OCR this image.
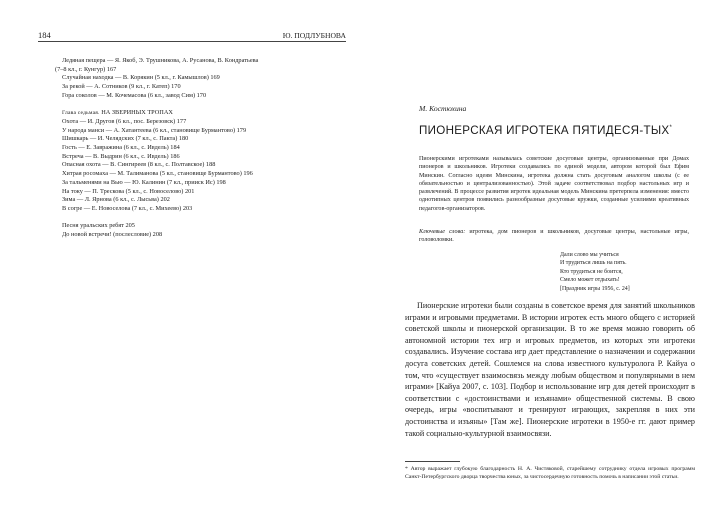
184	Ю. ПОДЛУБНОВА
Ледяная пещера — Я. Якоб, Э. Трушникова, А. Русанова, В. Кондратьева
(7–8 кл., г. Кунгур) 167
Случайная находка — В. Корякин (5 кл., г. Камышлов) 169
За рекой — А. Сотников (9 кл., г. Катеп) 170
Гора соколов — М. Кочемасова (6 кл., завод Сим) 170
Глава седьмая. НА ЗВЕРИНЫХ ТРОПАХ
Охота — И. Другов (6 кл., пос. Березовск) 177
У народа манси — А. Хатантеева (6 кл., становище Бурмантово) 179
Шишкарь — И. Челядских (7 кл., с. Пакта) 180
Гость — Е. Завражина (6 кл., с. Ивдель) 184
Встреча — В. Выдрин (6 кл., с. Ивдель) 186
Опасная охота — В. Сингиреев (8 кл., с. Полтавское) 188
Хитрая росомаха — М. Талиманова (5 кл., становище Бурмантово) 196
За тальменями на Вью — Ю. Калинин (7 кл., прииск Ис) 198
На току — П. Трескова (5 кл., с. Новоселово) 201
Зима — Л. Ярнова (6 кл., с. Лысьва) 202
В согре — Е. Новоселова (7 кл., с. Михеево) 203
Песня уральских ребят 205
До новой встречи! (послесловие) 208
М. Костюхина
ПИОНЕРСКАЯ ИГРОТЕКА ПЯТИДЕСЯ-ТЫХ*
Пионерскими игротеками называлась советские досуговые центры, организованные при Домах пионеров и школьников. Игротеки создавались по единой модели, автором которой был Ефим Минскин. Согласно идеям Минскина, игротека должна стать досуговым аналогом школы (с ее обязательностью и централизованностью). Этой задаче соответствовал подбор настольных игр и развлечений. В процессе развития игротек идеальная модель Минскина претерпела изменения: вместо однотипных центров появились разнообразные досуговые кружки, созданные усилиями креативных педагогов-организаторов.
Ключевые слова: игротека, дом пионеров и школьников, досуговые центры, настольные игры, головоломки.
Дали слово мы учиться
И трудиться лишь на пять.
Кто трудиться не боится,
Смело может отдыхать!
[Праздник игры 1956, с. 24]
Пионерские игротеки были созданы в советское время для занятий школьников играми и игровыми предметами. В истории игротек есть много общего с историей советской школы и пионерской организации. В то же время можно говорить об автономной истории тех игр и игровых предметов, из которых эти игротеки создавались. Изучение состава игр дает представление о назначении и содержании досуга советских детей. Сошлемся на слова известного культуролога Р. Кайуа о том, что «существует взаимосвязь между любым обществом и популярными в нем играми» [Кайуа 2007, с. 103]. Подбор и использование игр для детей происходит в соответствии с «достоинствами и изъянами» общественной системы. В свою очередь, игры «воспитывают и тренируют играющих, закрепляя в них эти достоинства и изъяны» [Там же]. Пионерские игротеки в 1950-е гг. дают пример такой социально-культурной взаимосвязи.
* Автор выражает глубокую благодарность Н. А. Чистяковой, старейшему сотруднику отдела игровых программ Санкт-Петербургского дворца творчества юных, за чистосердечную готовность помочь в написании этой статьи.
